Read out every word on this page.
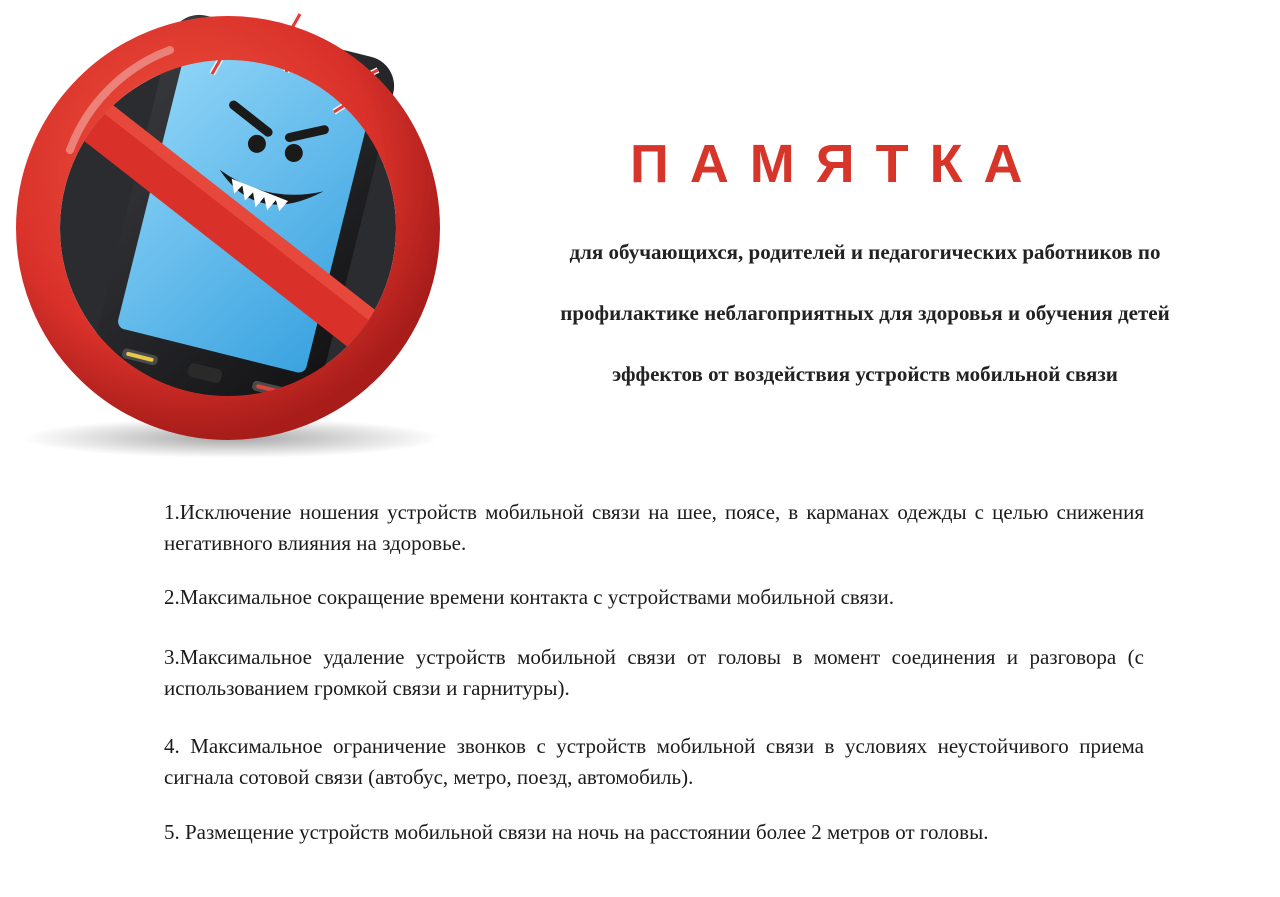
ПАМЯТКА
для обучающихся, родителей и педагогических работников по
профилактике неблагоприятных для здоровья и обучения детей
эффектов от воздействия устройств мобильной связи
1.Исключение ношения устройств мобильной связи на шее, поясе, в карманах одежды с целью снижения негативного влияния на здоровье.
2.Максимальное сокращение времени контакта с устройствами мобильной связи.
3.Максимальное удаление устройств мобильной связи от головы в момент соединения и разговора (с использованием громкой связи и гарнитуры).
4. Максимальное ограничение звонков с устройств мобильной связи в условиях неустойчивого приема сигнала сотовой связи (автобус, метро, поезд, автомобиль).
5. Размещение устройств мобильной связи на ночь на расстоянии более 2 метров от головы.
